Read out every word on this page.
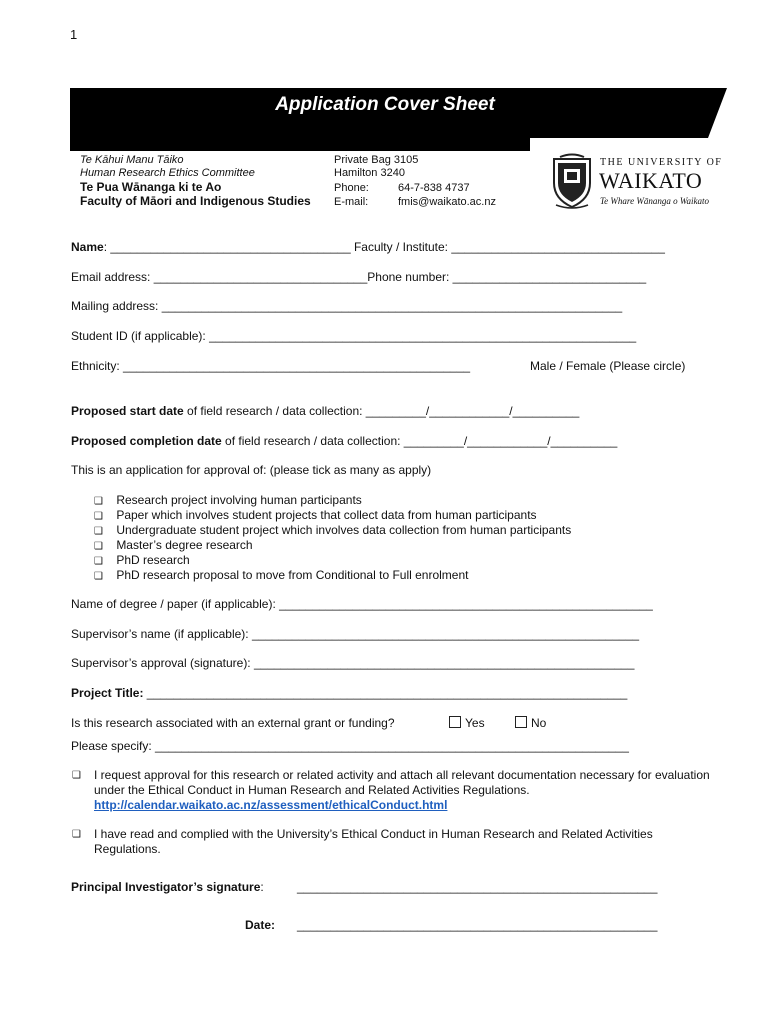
1
Application Cover Sheet
Te Kāhui Manu Tāiko
Human Research Ethics Committee
Te Pua Wānanga ki te Ao
Faculty of Māori and Indigenous Studies
Private Bag 3105
Hamilton 3240
Phone:	64-7-838 4737
E-mail:	fmis@waikato.ac.nz
THE UNIVERSITY OF
WAIKATO
Te Whare Wānanga o Waikato
Name: ____________________________________ Faculty / Institute: ________________________________
Email address: ________________________________Phone number: _____________________________
Mailing address: _____________________________________________________________________
Student ID (if applicable): ________________________________________________________________
Ethnicity: ____________________________________________________	Male / Female (Please circle)
Proposed start date of field research / data collection: _________/____________/__________
Proposed completion date of field research / data collection: _________/____________/__________
This is an application for approval of: (please tick as many as apply)
❑ Research project involving human participants
❑ Paper which involves student projects that collect data from human participants
❑ Undergraduate student project which involves data collection from human participants
❑ Master’s degree research
❑ PhD research
❑ PhD research proposal to move from Conditional to Full enrolment
Name of degree / paper (if applicable): ________________________________________________________
Supervisor’s name (if applicable): __________________________________________________________
Supervisor’s approval (signature): _________________________________________________________
Project Title: ________________________________________________________________________
Is this research associated with an external grant or funding?	Yes	No
Please specify: _______________________________________________________________________
❑ I request approval for this research or related activity and attach all relevant documentation necessary for evaluation under the Ethical Conduct in Human Research and Related Activities Regulations.
http://calendar.waikato.ac.nz/assessment/ethicalConduct.html
❑ I have read and complied with the University’s Ethical Conduct in Human Research and Related Activities Regulations.
Principal Investigator’s signature:	______________________________________________________
Date: ______________________________________________________
